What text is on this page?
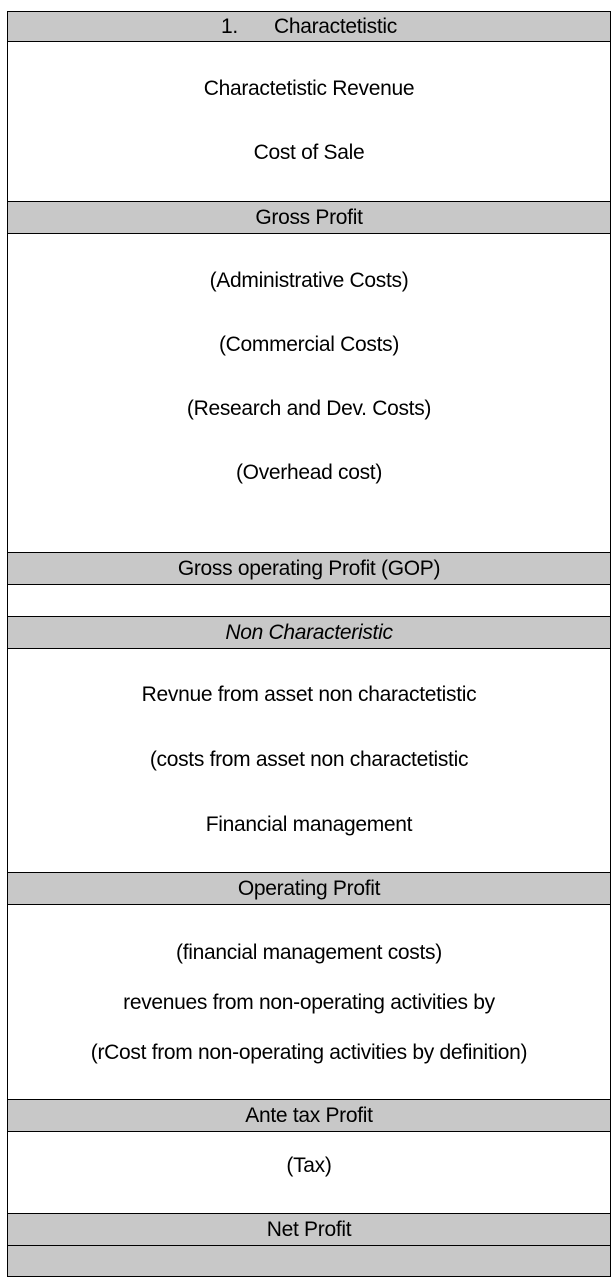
1. Charactetistic
Charactetistic Revenue
Cost of Sale
Gross Profit
(Administrative Costs)
(Commercial Costs)
(Research and Dev. Costs)
(Overhead cost)
Gross operating Profit (GOP)
Non Characteristic
Revnue from asset non charactetistic
(costs from asset non charactetistic
Financial management
Operating Profit
(financial management costs)
revenues from non-operating activities by
(rCost from non-operating activities by definition)
Ante tax Profit
(Tax)
Net Profit
